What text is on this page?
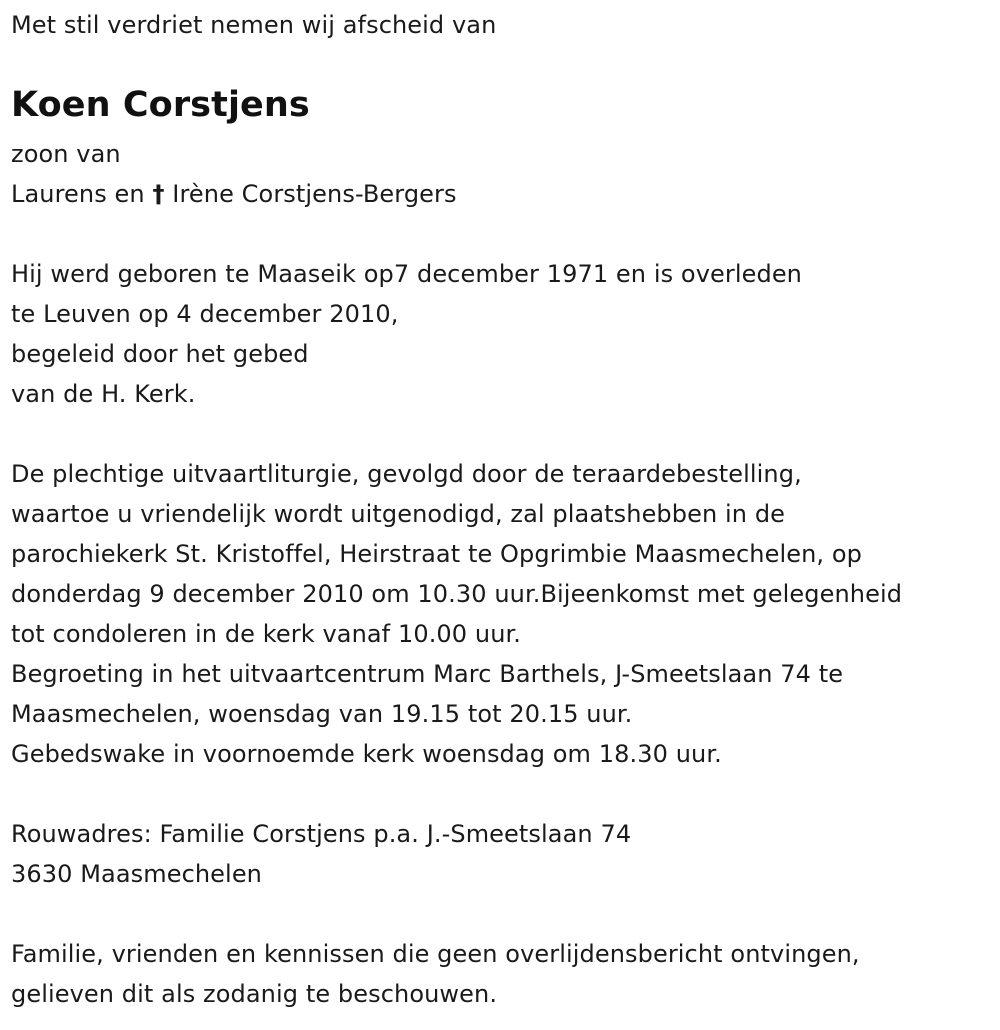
Met stil verdriet nemen wij afscheid van
Koen Corstjens
zoon van
Laurens en † Irène Corstjens-Bergers
Hij werd geboren te Maaseik op7 december 1971 en is overleden
te Leuven op 4 december 2010,
begeleid door het gebed
van de H. Kerk.
De plechtige uitvaartliturgie, gevolgd door de teraardebestelling,
waartoe u vriendelijk wordt uitgenodigd, zal plaatshebben in de
parochiekerk St. Kristoffel, Heirstraat te Opgrimbie Maasmechelen, op
donderdag 9 december 2010 om 10.30 uur.Bijeenkomst met gelegenheid
tot condoleren in de kerk vanaf 10.00 uur.
Begroeting in het uitvaartcentrum Marc Barthels, J-Smeetslaan 74 te
Maasmechelen, woensdag van 19.15 tot 20.15 uur.
Gebedswake in voornoemde kerk woensdag om 18.30 uur.
Rouwadres: Familie Corstjens p.a. J.-Smeetslaan 74
3630 Maasmechelen
Familie, vrienden en kennissen die geen overlijdensbericht ontvingen,
gelieven dit als zodanig te beschouwen.
